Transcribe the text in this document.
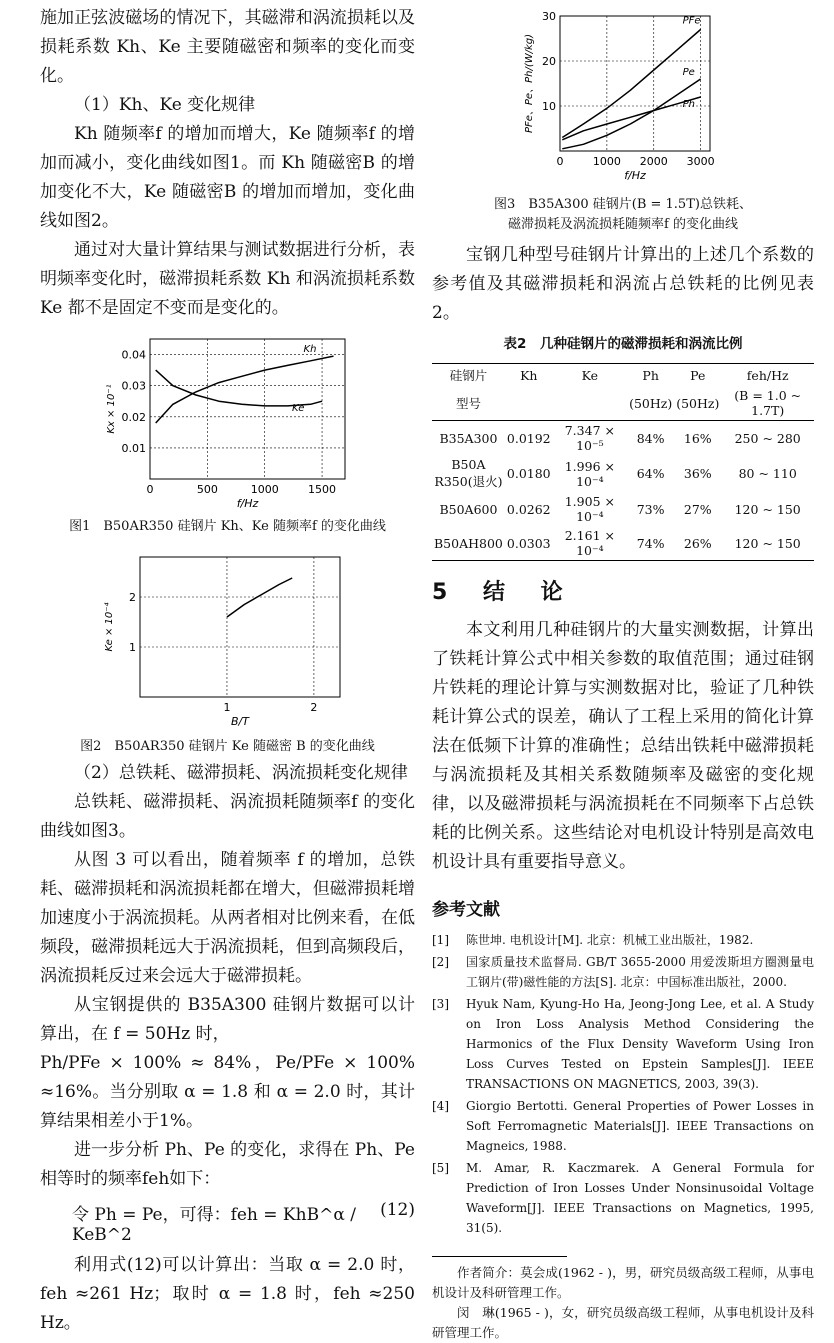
施加正弦波磁场的情况下，其磁滞和涡流损耗以及损耗系数 Kh、Ke 主要随磁密和频率的变化而变化。

（1）Kh、Ke 变化规律

Kh 随频率f 的增加而增大，Ke 随频率f 的增加而减小，变化曲线如图1。而 Kh 随磁密B 的增加变化不大，Ke 随磁密B 的增加而增加，变化曲线如图2。

通过对大量计算结果与测试数据进行分析，表明频率变化时，磁滞损耗系数 Kh 和涡流损耗系数 Ke 都不是固定不变而是变化的。

0	500	1000	1500
0.01
0.02
0.03
0.04
f/Hz
Kx × 10⁻¹
Kh
Ke

图1　B50AR350 硅钢片 Kh、Ke 随频率f 的变化曲线

1	2
1
2
B/T
Ke × 10⁻⁴

图2　B50AR350 硅钢片 Ke 随磁密 B 的变化曲线

（2）总铁耗、磁滞损耗、涡流损耗变化规律

总铁耗、磁滞损耗、涡流损耗随频率f 的变化曲线如图3。

从图 3 可以看出，随着频率 f 的增加，总铁耗、磁滞损耗和涡流损耗都在增大，但磁滞损耗增加速度小于涡流损耗。从两者相对比例来看，在低频段，磁滞损耗远大于涡流损耗，但到高频段后，涡流损耗反过来会远大于磁滞损耗。

从宝钢提供的 B35A300 硅钢片数据可以计算出，在 f = 50Hz 时，

Ph/PFe × 100% ≈ 84%，Pe/PFe × 100% ≈16%。当分别取 α = 1.8 和 α = 2.0 时，其计算结果相差小于1%。

进一步分析 Ph、Pe 的变化，求得在 Ph、Pe 相等时的频率feh如下：

令 Ph = Pe，可得：feh = KhB^α / KeB^2
(12)

利用式(12)可以计算出：当取 α = 2.0 时，feh ≈261 Hz；取时 α = 1.8 时，feh ≈250 Hz。

0	1000 2000 3000
10
20
30
f/Hz
PFe、Pe、Ph/(W/kg)
PFe
Pe
Ph

图3　B35A300 硅钢片(B = 1.5T)总铁耗、

磁滞损耗及涡流损耗随频率f 的变化曲线

宝钢几种型号硅钢片计算出的上述几个系数的参考值及其磁滞损耗和涡流占总铁耗的比例见表2。

表2　几种硅钢片的磁滞损耗和涡流比例

硅钢片	Kh	Ke	Ph	Pe	feh/Hz
型号			(50Hz)	(50Hz)	(B = 1.0 ~ 1.7T)
B35A300	0.0192	7.347 × 10⁻⁵	84%	16%	250 ~ 280
B50A R350(退火)	0.0180	1.996 × 10⁻⁴	64%	36%	80 ~ 110
B50A600	0.0262	1.905 × 10⁻⁴	73%	27%	120 ~ 150
B50AH800	0.0303	2.161 × 10⁻⁴	74%	26%	120 ~ 150
5 结 论

本文利用几种硅钢片的大量实测数据，计算出了铁耗计算公式中相关参数的取值范围；通过硅钢片铁耗的理论计算与实测数据对比，验证了几种铁耗计算公式的误差，确认了工程上采用的简化计算法在低频下计算的准确性；总结出铁耗中磁滞损耗与涡流损耗及其相关系数随频率及磁密的变化规律，以及磁滞损耗与涡流损耗在不同频率下占总铁耗的比例关系。这些结论对电机设计特别是高效电机设计具有重要指导意义。

参考文献
[1]	陈世坤. 电机设计[M]. 北京：机械工业出版社，1982.
[2]	国家质量技术监督局. GB/T 3655-2000 用爱泼斯坦方圈测量电工钢片(带)磁性能的方法[S]. 北京：中国标准出版社，2000.
[3]	Hyuk Nam, Kyung-Ho Ha, Jeong-Jong Lee, et al. A Study on Iron Loss Analysis Method Considering the Harmonics of the Flux Density Waveform Using Iron Loss Curves Tested on Epstein Samples[J]. IEEE TRANSACTIONS ON MAGNETICS, 2003, 39(3).
[4]	Giorgio Bertotti. General Properties of Power Losses in Soft Ferromagnetic Materials[J]. IEEE Transactions on Magneics, 1988.
[5]	M. Amar, R. Kaczmarek. A General Formula for Prediction of Iron Losses Under Nonsinusoidal Voltage Waveform[J]. IEEE Transactions on Magnetics, 1995, 31(5).

作者简介：莫会成(1962 - )，男，研究员级高级工程师，从事电机设计及科研管理工作。

闵　琳(1965 - )，女，研究员级高级工程师，从事电机设计及科研管理工作。
